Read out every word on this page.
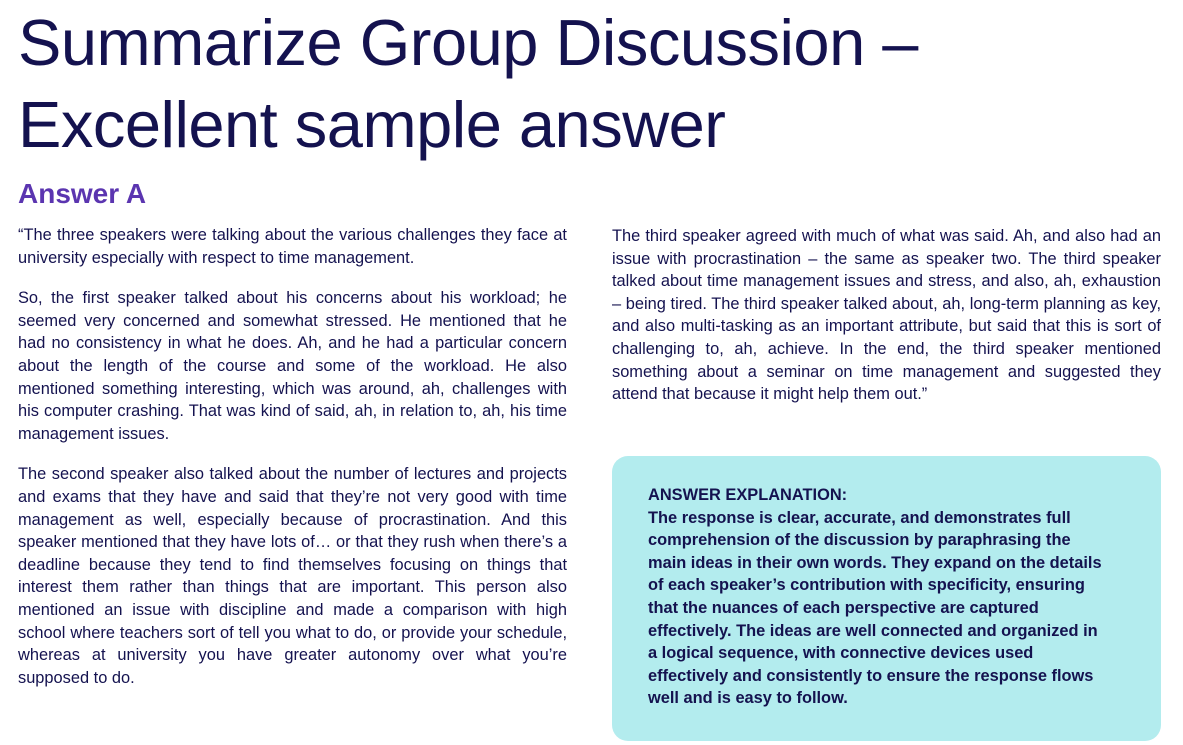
Summarize Group Discussion –
Excellent sample answer
Answer A

“The three speakers were talking about the various challenges they face at university especially with respect to time management.

So, the first speaker talked about his concerns about his workload; he seemed very concerned and somewhat stressed. He mentioned that he had no consistency in what he does. Ah, and he had a particular concern about the length of the course and some of the workload. He also mentioned something interesting, which was around, ah, challenges with his computer crashing. That was kind of said, ah, in relation to, ah, his time management issues.

The second speaker also talked about the number of lectures and projects and exams that they have and said that they’re not very good with time management as well, especially because of procrastination. And this speaker mentioned that they have lots of… or that they rush when there’s a deadline because they tend to find themselves focusing on things that interest them rather than things that are important. This person also mentioned an issue with discipline and made a comparison with high school where teachers sort of tell you what to do, or provide your schedule, whereas at university you have greater autonomy over what you’re supposed to do.

The third speaker agreed with much of what was said. Ah, and also had an issue with procrastination – the same as speaker two. The third speaker talked about time management issues and stress, and also, ah, exhaustion – being tired. The third speaker talked about, ah, long-term planning as key, and also multi-tasking as an important attribute, but said that this is sort of challenging to, ah, achieve. In the end, the third speaker mentioned something about a seminar on time management and suggested they attend that because it might help them out.”

ANSWER EXPLANATION:

The response is clear, accurate, and demonstrates full comprehension of the discussion by paraphrasing the main ideas in their own words. They expand on the details of each speaker’s contribution with specificity, ensuring that the nuances of each perspective are captured effectively. The ideas are well connected and organized in a logical sequence, with connective devices used effectively and consistently to ensure the response flows well and is easy to follow.
